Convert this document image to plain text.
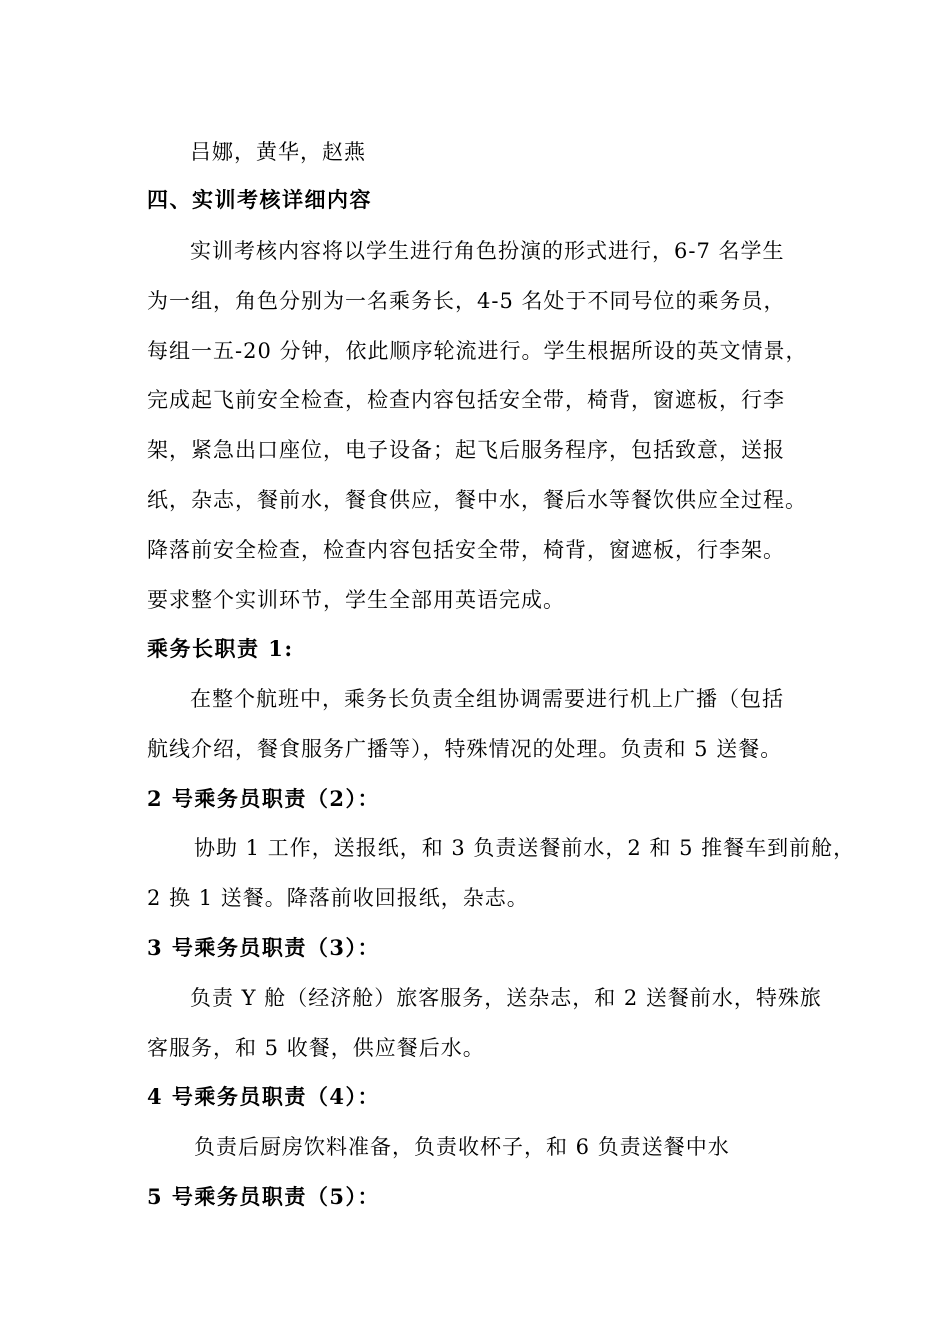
吕娜，黄华，赵燕
四、实训考核详细内容
实训考核内容将以学生进行角色扮演的形式进行，6-7 名学生
为一组，角色分别为一名乘务长，4-5 名处于不同号位的乘务员，
每组一五-20 分钟，依此顺序轮流进行。学生根据所设的英文情景，
完成起飞前安全检查，检查内容包括安全带，椅背，窗遮板，行李
架，紧急出口座位，电子设备；起飞后服务程序，包括致意，送报
纸，杂志，餐前水，餐食供应，餐中水，餐后水等餐饮供应全过程。
降落前安全检查，检查内容包括安全带，椅背，窗遮板，行李架。
要求整个实训环节，学生全部用英语完成。
乘务长职责 1:
在整个航班中，乘务长负责全组协调需要进行机上广播（包括
航线介绍，餐食服务广播等），特殊情况的处理。负责和 5 送餐。
2 号乘务员职责（2）：
协助 1 工作，送报纸，和 3 负责送餐前水，2 和 5 推餐车到前舱，
2 换 1 送餐。降落前收回报纸，杂志。
3 号乘务员职责（3）：
负责 Y 舱（经济舱）旅客服务，送杂志，和 2 送餐前水，特殊旅
客服务，和 5 收餐，供应餐后水。
4 号乘务员职责（4）：
负责后厨房饮料准备，负责收杯子，和 6 负责送餐中水
5 号乘务员职责（5）：
